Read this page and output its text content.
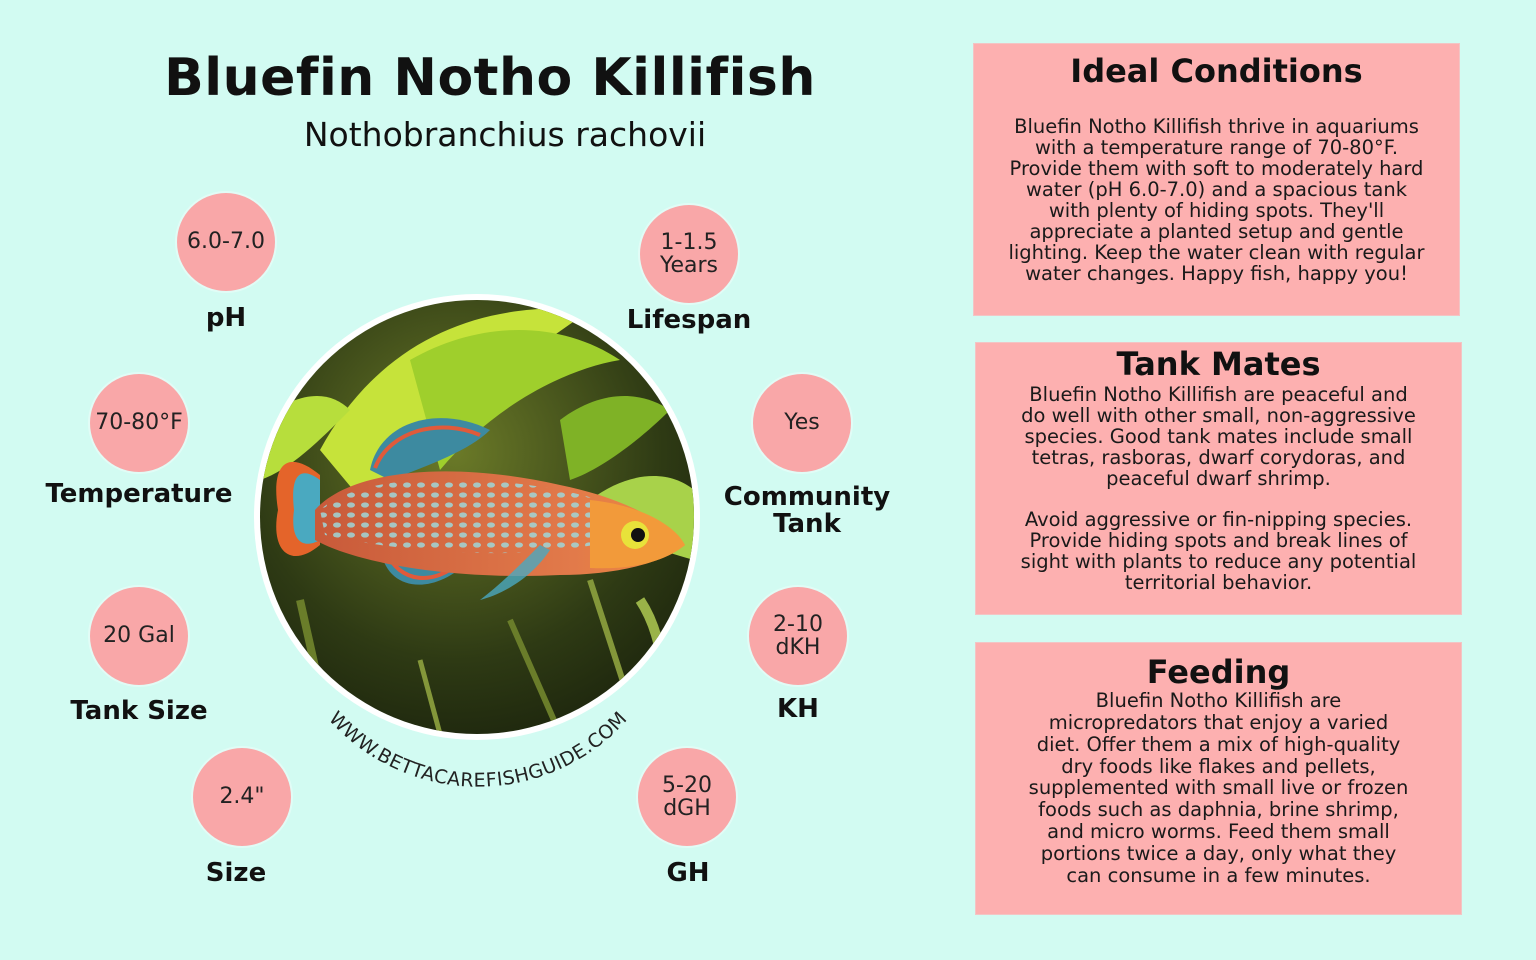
Bluefin Notho Killifish
Nothobranchius rachovii
WWW.BETTACAREFISHGUIDE.COM
6.0-7.0
pH
1-1.5
Years
Lifespan
70-80°F
Temperature
Yes
Community
Tank
20 Gal
Tank Size
2-10
dKH
KH
2.4"
Size
5-20
dGH
GH
Ideal Conditions

Bluefin Notho Killifish thrive in aquariums
with a temperature range of 70-80°F.
Provide them with soft to moderately hard
water (pH 6.0-7.0) and a spacious tank
with plenty of hiding spots. They'll
appreciate a planted setup and gentle
lighting. Keep the water clean with regular
water changes. Happy fish, happy you!

Tank Mates

Bluefin Notho Killifish are peaceful and
do well with other small, non-aggressive
species. Good tank mates include small
tetras, rasboras, dwarf corydoras, and
peaceful dwarf shrimp.

Avoid aggressive or fin-nipping species.
Provide hiding spots and break lines of
sight with plants to reduce any potential
territorial behavior.

Feeding

Bluefin Notho Killifish are
micropredators that enjoy a varied
diet. Offer them a mix of high-quality
dry foods like flakes and pellets,
supplemented with small live or frozen
foods such as daphnia, brine shrimp,
and micro worms. Feed them small
portions twice a day, only what they
can consume in a few minutes.
